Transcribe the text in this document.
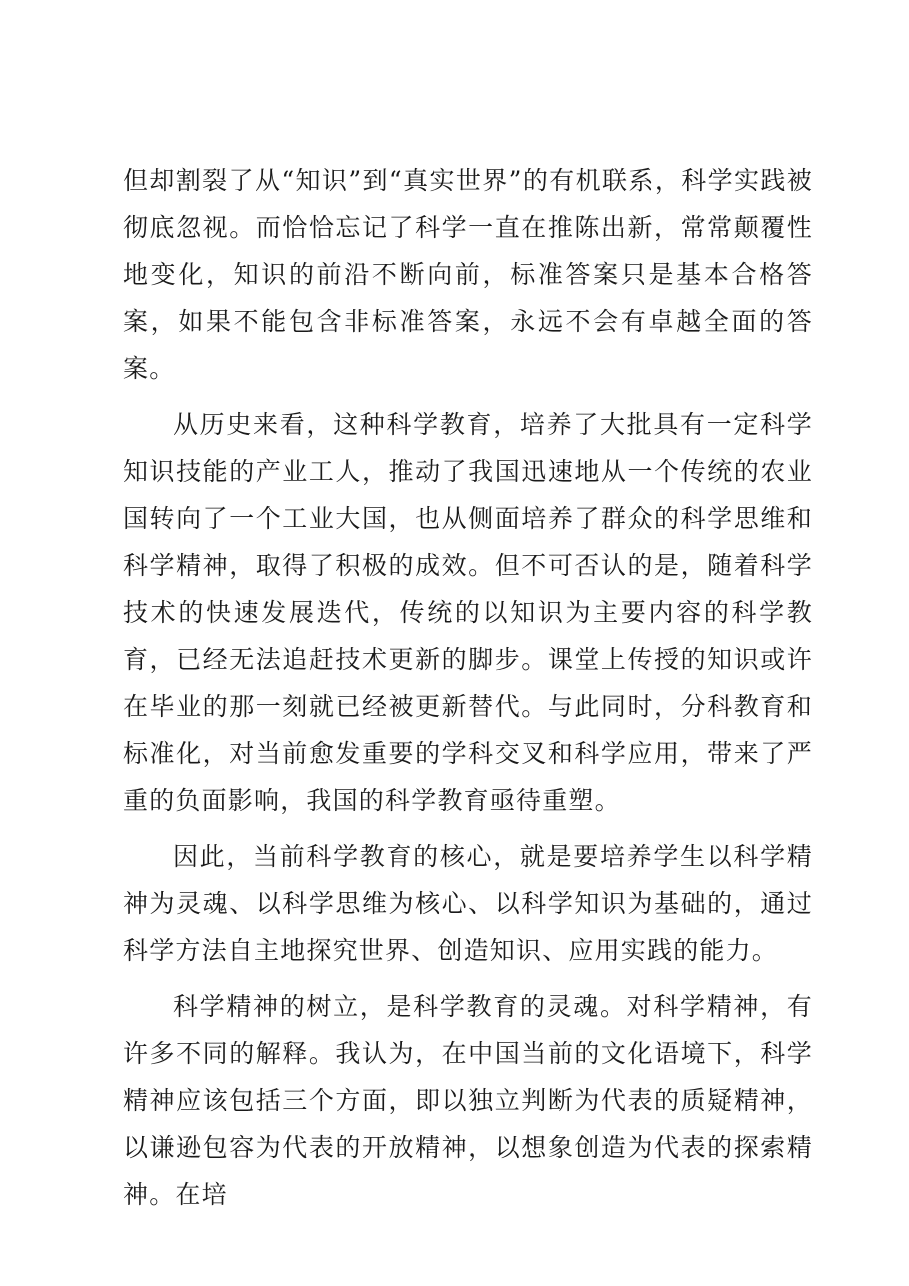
但却割裂了从“知识”到“真实世界”的有机联系，科学实践被彻底忽视。而恰恰忘记了科学一直在推陈出新，常常颠覆性地变化，知识的前沿不断向前，标准答案只是基本合格答案，如果不能包含非标准答案，永远不会有卓越全面的答案。

从历史来看，这种科学教育，培养了大批具有一定科学知识技能的产业工人，推动了我国迅速地从一个传统的农业国转向了一个工业大国，也从侧面培养了群众的科学思维和科学精神，取得了积极的成效。但不可否认的是，随着科学技术的快速发展迭代，传统的以知识为主要内容的科学教育，已经无法追赶技术更新的脚步。课堂上传授的知识或许在毕业的那一刻就已经被更新替代。与此同时，分科教育和标准化，对当前愈发重要的学科交叉和科学应用，带来了严重的负面影响，我国的科学教育亟待重塑。

因此，当前科学教育的核心，就是要培养学生以科学精神为灵魂、以科学思维为核心、以科学知识为基础的，通过科学方法自主地探究世界、创造知识、应用实践的能力。

科学精神的树立，是科学教育的灵魂。对科学精神，有许多不同的解释。我认为，在中国当前的文化语境下，科学精神应该包括三个方面，即以独立判断为代表的质疑精神，以谦逊包容为代表的开放精神，以想象创造为代表的探索精神。在培
